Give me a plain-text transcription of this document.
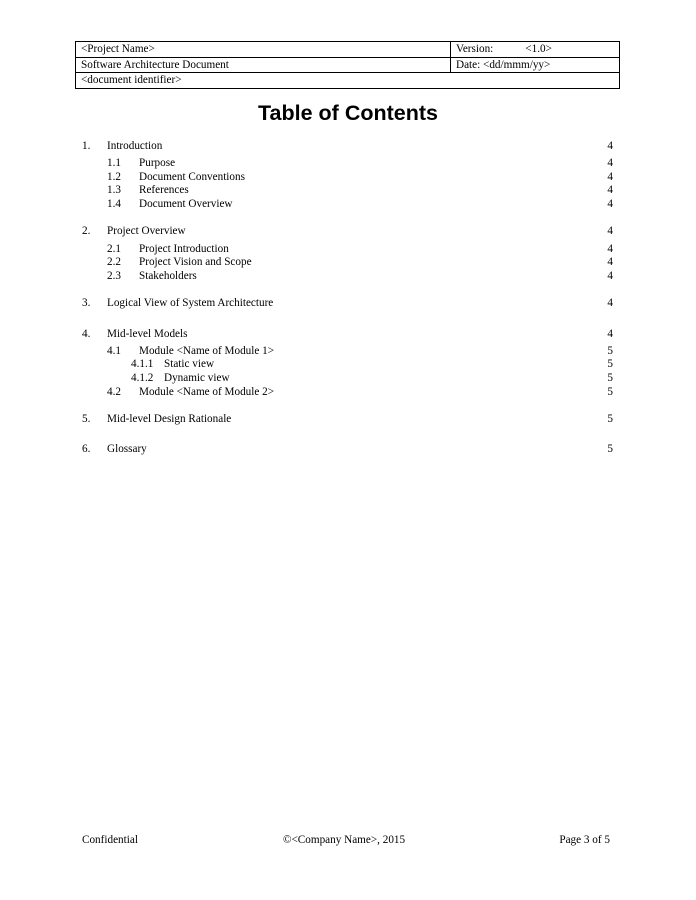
<Project Name>	Version: <1.0>
Software Architecture Document	Date: <dd/mmm/yy>
<document identifier>	
Table of Contents
1. Introduction	4
1.1 Purpose	4
1.2 Document Conventions	4
1.3 References	4
1.4 Document Overview	4
2. Project Overview	4
2.1 Project Introduction	4
2.2 Project Vision and Scope	4
2.3 Stakeholders	4
3. Logical View of System Architecture	4
4. Mid-level Models	4
4.1 Module <Name of Module 1>	5
4.1.1 Static view	5
4.1.2 Dynamic view	5
4.2 Module <Name of Module 2>	5
5. Mid-level Design Rationale	5
6. Glossary	5
Confidential	©<Company Name>, 2015	Page 3 of 5
